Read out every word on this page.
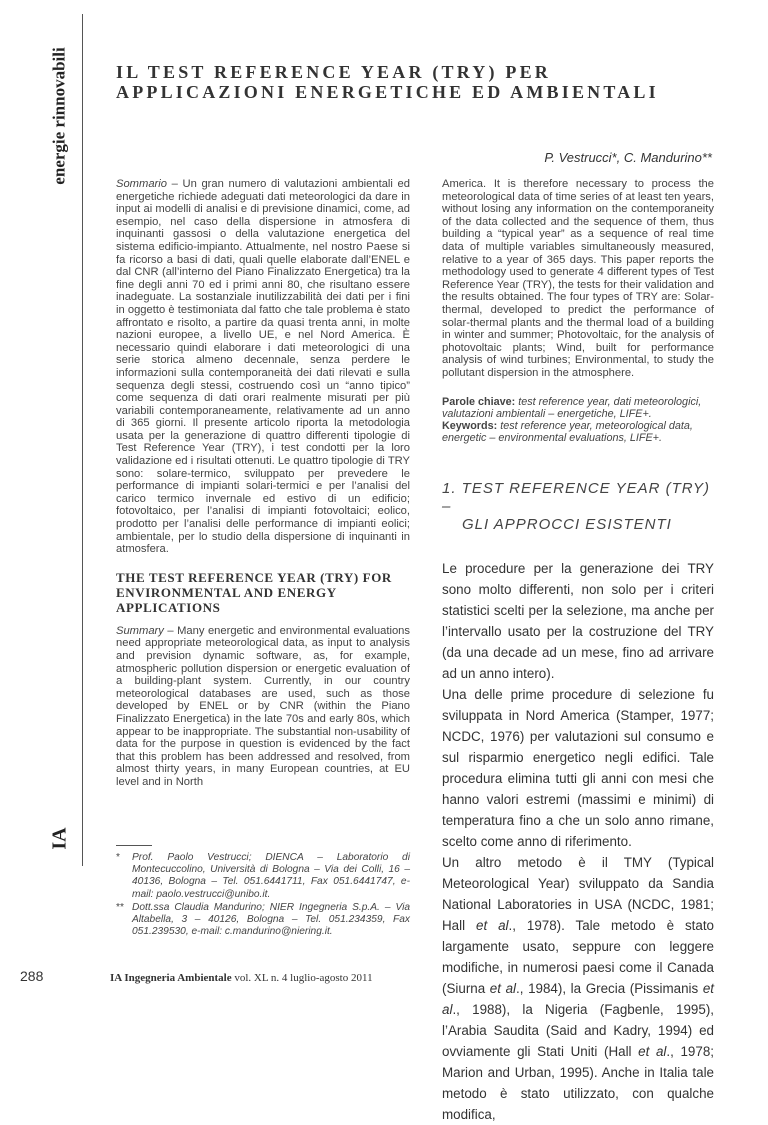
energie rinnovabili
IA
288	IA Ingegneria Ambientale vol. XL n. 4 luglio-agosto 2011
IL TEST REFERENCE YEAR (TRY) PER APPLICAZIONI ENERGETICHE ED AMBIENTALI
P. Vestrucci*, C. Mandurino**

Sommario – Un gran numero di valutazioni ambientali ed energetiche richiede adeguati dati meteorologici da dare in input ai modelli di analisi e di previsione dinamici, come, ad esempio, nel caso della dispersione in atmosfera di inquinanti gassosi o della valutazione energetica del sistema edificio-impianto. Attualmente, nel nostro Paese si fa ricorso a basi di dati, quali quelle elaborate dall’ENEL e dal CNR (all’interno del Piano Finalizzato Energetica) tra la fine degli anni 70 ed i primi anni 80, che risultano essere inadeguate. La sostanziale inutilizzabilità dei dati per i fini in oggetto è testimoniata dal fatto che tale problema è stato affrontato e risolto, a partire da quasi trenta anni, in molte nazioni europee, a livello UE, e nel Nord America. È necessario quindi elaborare i dati meteorologici di una serie storica almeno decennale, senza perdere le informazioni sulla contemporaneità dei dati rilevati e sulla sequenza degli stessi, costruendo così un “anno tipico” come sequenza di dati orari realmente misurati per più variabili contemporaneamente, relativamente ad un anno di 365 giorni. Il presente articolo riporta la metodologia usata per la generazione di quattro differenti tipologie di Test Reference Year (TRY), i test condotti per la loro validazione ed i risultati ottenuti. Le quattro tipologie di TRY sono: solare-termico, sviluppato per prevedere le performance di impianti solari-termici e per l’analisi del carico termico invernale ed estivo di un edificio; fotovoltaico, per l’analisi di impianti fotovoltaici; eolico, prodotto per l’analisi delle performance di impianti eolici; ambientale, per lo studio della dispersione di inquinanti in atmosfera.

THE TEST REFERENCE YEAR (TRY) FOR ENVIRONMENTAL AND ENERGY APPLICATIONS

Summary – Many energetic and environmental evaluations need appropriate meteorological data, as input to analysis and prevision dynamic software, as, for example, atmospheric pollution dispersion or energetic evaluation of a building-plant system. Currently, in our country meteorological databases are used, such as those developed by ENEL or by CNR (within the Piano Finalizzato Energetica) in the late 70s and early 80s, which appear to be inappropriate. The substantial non-usability of data for the purpose in question is evidenced by the fact that this problem has been addressed and resolved, from almost thirty years, in many European countries, at EU level and in North

*	Prof. Paolo Vestrucci; DIENCA – Laboratorio di Montecuccolino, Università di Bologna – Via dei Colli, 16 – 40136, Bologna – Tel. 051.6441711, Fax 051.6441747, e-mail: paolo.vestrucci@unibo.it.
** Dott.ssa Claudia Mandurino; NIER Ingegneria S.p.A. – Via Altabella, 3 – 40126, Bologna – Tel. 051.234359, Fax 051.239530, e-mail: c.mandurino@niering.it.

America. It is therefore necessary to process the meteorological data of time series of at least ten years, without losing any information on the contemporaneity of the data collected and the sequence of them, thus building a “typical year” as a sequence of real time data of multiple variables simultaneously measured, relative to a year of 365 days. This paper reports the methodology used to generate 4 different types of Test Reference Year (TRY), the tests for their validation and the results obtained. The four types of TRY are: Solar-thermal, developed to predict the performance of solar-thermal plants and the thermal load of a building in winter and summer; Photovoltaic, for the analysis of photovoltaic plants; Wind, built for performance analysis of wind turbines; Environmental, to study the pollutant dispersion in the atmosphere.

Parole chiave: test reference year, dati meteorologici, valutazioni ambientali – energetiche, LIFE+.

Keywords: test reference year, meteorological data, energetic – environmental evaluations, LIFE+.

1. TEST REFERENCE YEAR (TRY) –
GLI APPROCCI ESISTENTI

Le procedure per la generazione dei TRY sono molto differenti, non solo per i criteri statistici scelti per la selezione, ma anche per l’intervallo usato per la costruzione del TRY (da una decade ad un mese, fino ad arrivare ad un anno intero).

Una delle prime procedure di selezione fu sviluppata in Nord America (Stamper, 1977; NCDC, 1976) per valutazioni sul consumo e sul risparmio energetico negli edifici. Tale procedura elimina tutti gli anni con mesi che hanno valori estremi (massimi e minimi) di temperatura fino a che un solo anno rimane, scelto come anno di riferimento.

Un altro metodo è il TMY (Typical Meteorological Year) sviluppato da Sandia National Laboratories in USA (NCDC, 1981; Hall et al., 1978). Tale metodo è stato largamente usato, seppure con leggere modifiche, in numerosi paesi come il Canada (Siurna et al., 1984), la Grecia (Pissimanis et al., 1988), la Nigeria (Fagbenle, 1995), l’Arabia Saudita (Said and Kadry, 1994) ed ovviamente gli Stati Uniti (Hall et al., 1978; Marion and Urban, 1995). Anche in Italia tale metodo è stato utilizzato, con qualche modifica,
